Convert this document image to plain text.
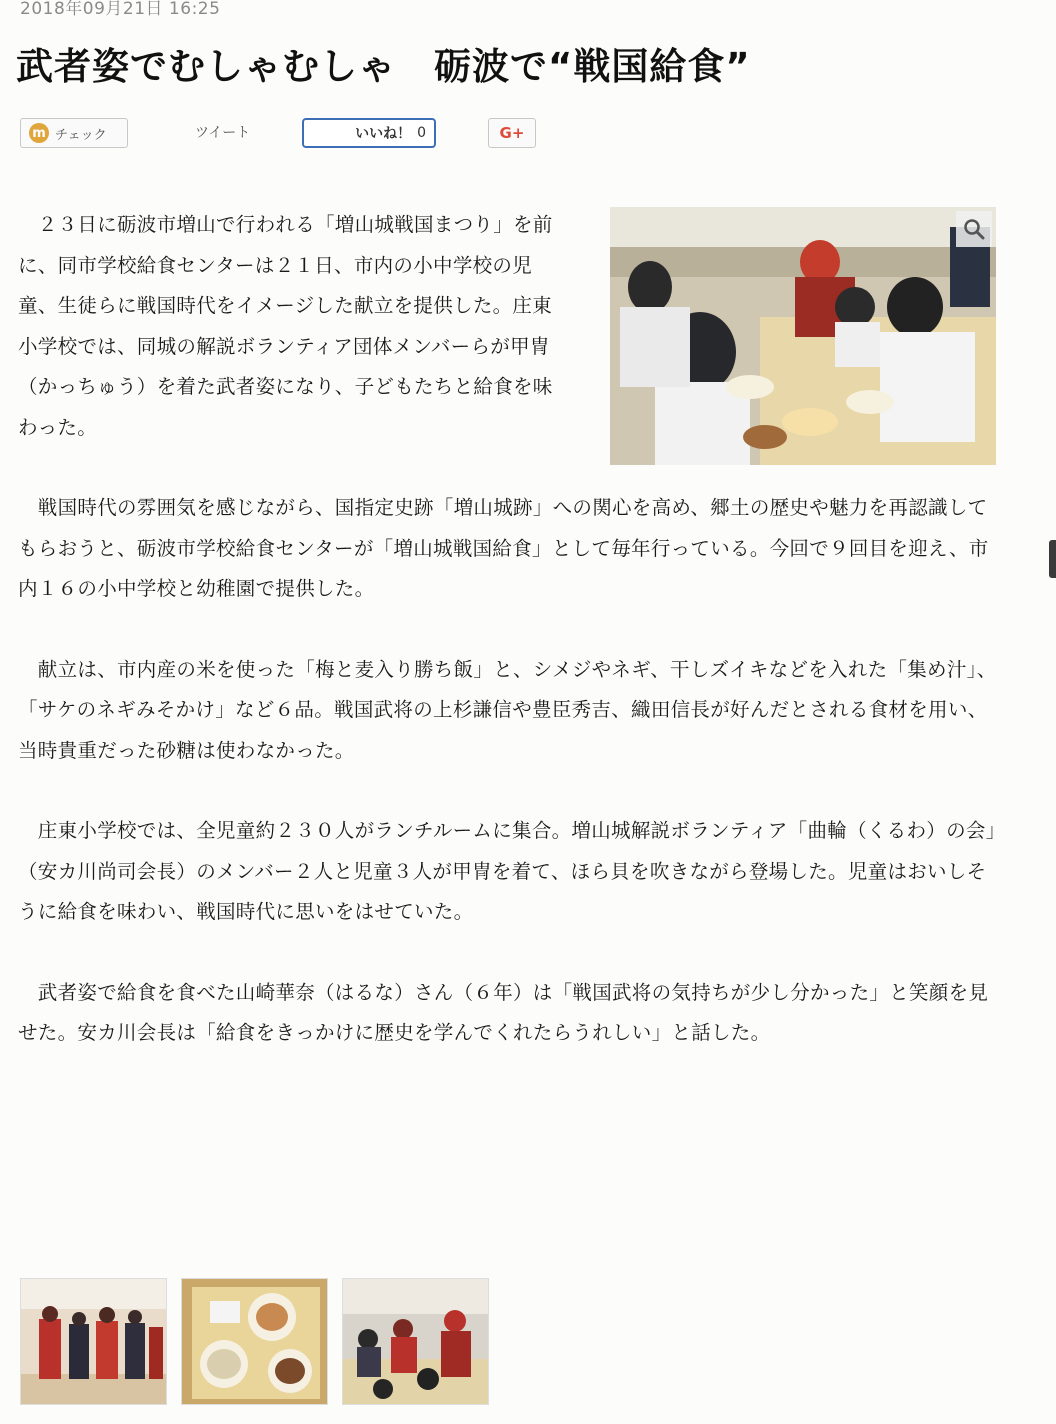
2018年09月21日 16:25
武者姿でむしゃむしゃ　砺波で“戦国給食”
m チェック	ツイート	いいね！ 0	G+

　２３日に砺波市増山で行われる「増山城戦国まつり」を前に、同市学校給食センターは２１日、市内の小中学校の児童、生徒らに戦国時代をイメージした献立を提供した。庄東小学校では、同城の解説ボランティア団体メンバーらが甲冑（かっちゅう）を着た武者姿になり、子どもたちと給食を味わった。

　戦国時代の雰囲気を感じながら、国指定史跡「増山城跡」への関心を高め、郷土の歴史や魅力を再認識してもらおうと、砺波市学校給食センターが「増山城戦国給食」として毎年行っている。今回で９回目を迎え、市内１６の小中学校と幼稚園で提供した。

　献立は、市内産の米を使った「梅と麦入り勝ち飯」と、シメジやネギ、干しズイキなどを入れた「集め汁」、「サケのネギみそかけ」など６品。戦国武将の上杉謙信や豊臣秀吉、織田信長が好んだとされる食材を用い、当時貴重だった砂糖は使わなかった。

　庄東小学校では、全児童約２３０人がランチルームに集合。増山城解説ボランティア「曲輪（くるわ）の会」（安カ川尚司会長）のメンバー２人と児童３人が甲冑を着て、ほら貝を吹きながら登場した。児童はおいしそうに給食を味わい、戦国時代に思いをはせていた。

　武者姿で給食を食べた山崎華奈（はるな）さん（６年）は「戦国武将の気持ちが少し分かった」と笑顔を見せた。安カ川会長は「給食をきっかけに歴史を学んでくれたらうれしい」と話した。
